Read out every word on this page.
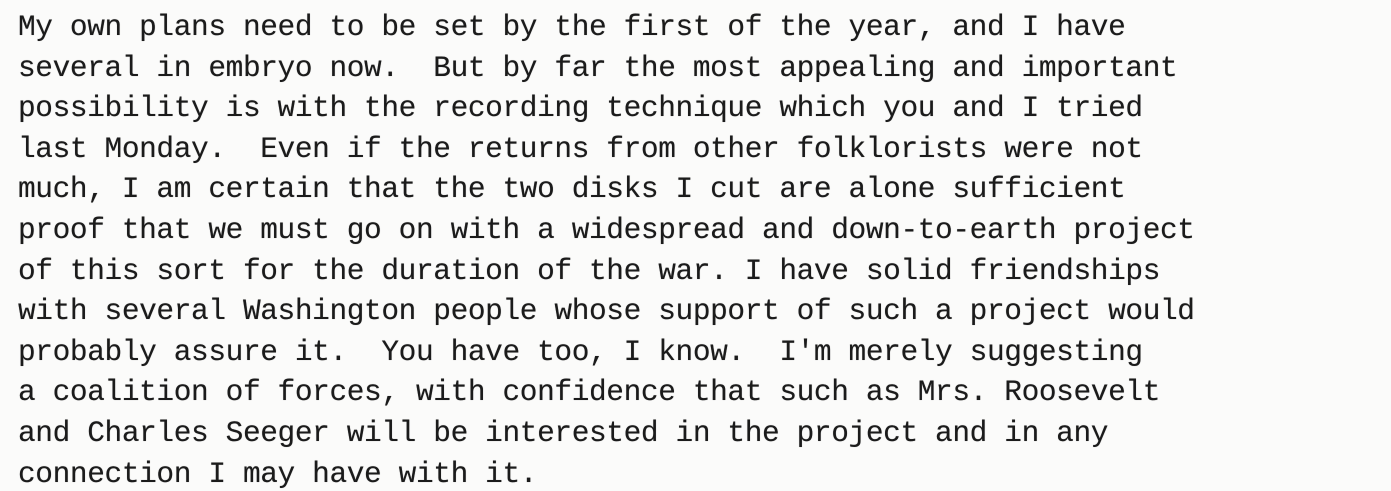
My own plans need to be set by the first of the year, and I have
several in embryo now.  But by far the most appealing and important
possibility is with the recording technique which you and I tried
last Monday.  Even if the returns from other folklorists were not
much, I am certain that the two disks I cut are alone sufficient
proof that we must go on with a widespread and down-to-earth project
of this sort for the duration of the war. I have solid friendships
with several Washington people whose support of such a project would
probably assure it.  You have too, I know.  I'm merely suggesting
a coalition of forces, with confidence that such as Mrs. Roosevelt
and Charles Seeger will be interested in the project and in any
connection I may have with it.
